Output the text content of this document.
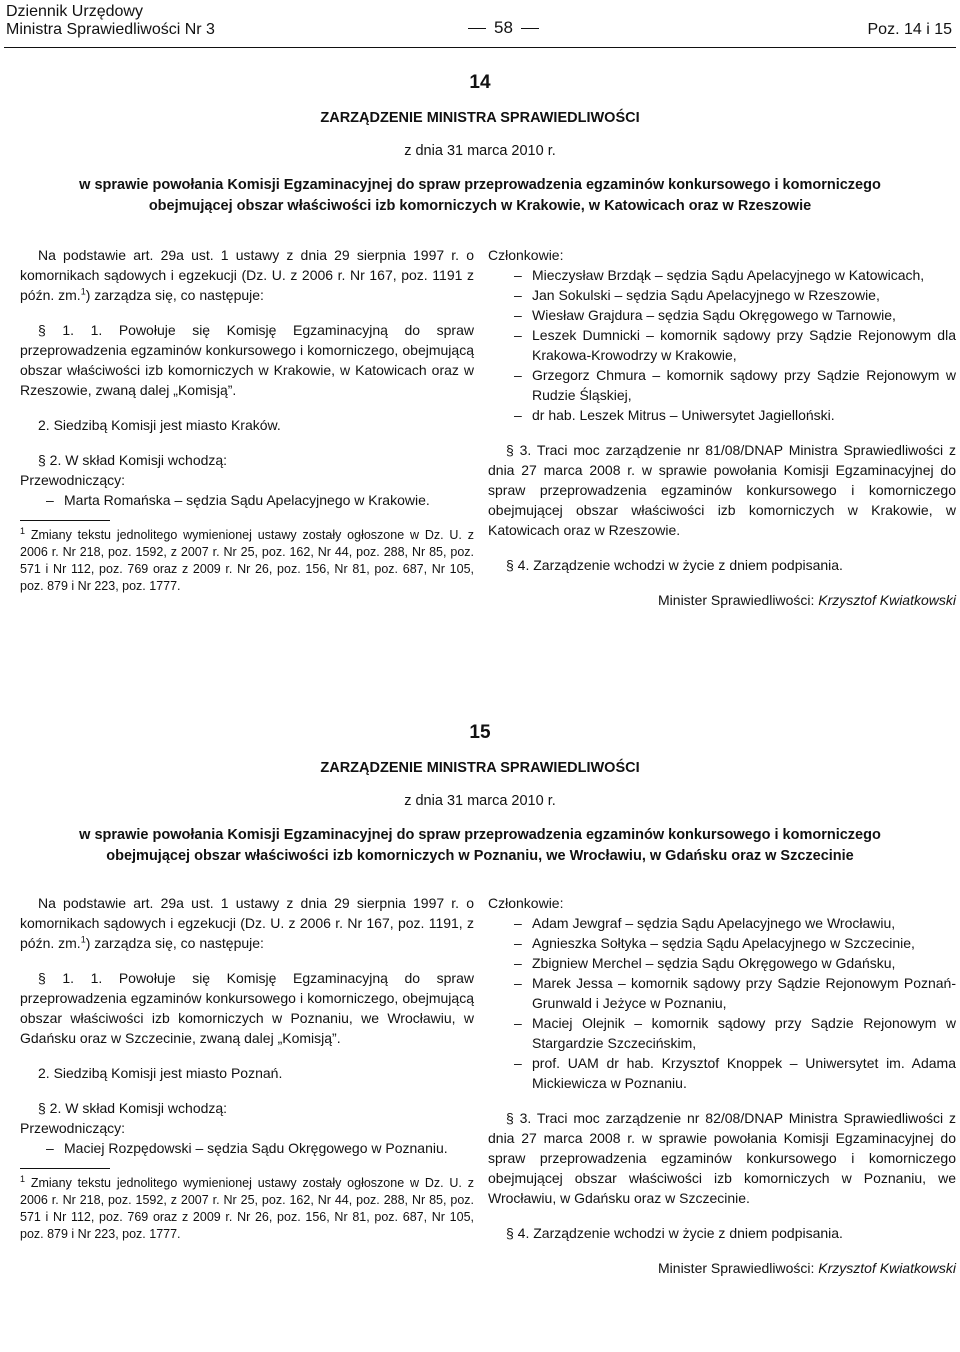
Dziennik Urzędowy
Ministra Sprawiedliwości Nr 3	58	Poz. 14 i 15
14
ZARZĄDZENIE MINISTRA SPRAWIEDLIWOŚCI
z dnia 31 marca 2010 r.
w sprawie powołania Komisji Egzaminacyjnej do spraw przeprowadzenia egzaminów konkursowego i komorniczego obejmującej obszar właściwości izb komorniczych w Krakowie, w Katowicach oraz w Rzeszowie

Na podstawie art. 29a ust. 1 ustawy z dnia 29 sierpnia 1997 r. o komornikach sądowych i egzekucji (Dz. U. z 2006 r. Nr 167, poz. 1191 z późn. zm.$^1$) zarządza się, co następuje:

§ 1. 1. Powołuje się Komisję Egzaminacyjną do spraw przeprowadzenia egzaminów konkursowego i komorniczego, obejmującą obszar właściwości izb komorniczych w Krakowie, w Katowicach oraz w Rzeszowie, zwaną dalej „Komisją”.

2. Siedzibą Komisji jest miasto Kraków.

§ 2. W skład Komisji wchodzą:

Przewodniczący:

– Marta Romańska – sędzia Sądu Apelacyjnego w Krakowie.

$^1$ Zmiany tekstu jednolitego wymienionej ustawy zostały ogłoszone w Dz. U. z 2006 r. Nr 218, poz. 1592, z 2007 r. Nr 25, poz. 162, Nr 44, poz. 288, Nr 85, poz. 571 i Nr 112, poz. 769 oraz z 2009 r. Nr 26, poz. 156, Nr 81, poz. 687, Nr 105, poz. 879 i Nr 223, poz. 1777.

Członkowie:

– Mieczysław Brzdąk – sędzia Sądu Apelacyjnego w Katowicach,
– Jan Sokulski – sędzia Sądu Apelacyjnego w Rzeszowie,
– Wiesław Grajdura – sędzia Sądu Okręgowego w Tarnowie,
– Leszek Dumnicki – komornik sądowy przy Sądzie Rejonowym dla Krakowa-Krowodrzy w Krakowie,
– Grzegorz Chmura – komornik sądowy przy Sądzie Rejonowym w Rudzie Śląskiej,
– dr hab. Leszek Mitrus – Uniwersytet Jagielloński.

§ 3. Traci moc zarządzenie nr 81/08/DNAP Ministra Sprawiedliwości z dnia 27 marca 2008 r. w sprawie powołania Komisji Egzaminacyjnej do spraw przeprowadzenia egzaminów konkursowego i komorniczego obejmującej obszar właściwości izb komorniczych w Krakowie, w Katowicach oraz w Rzeszowie.

§ 4. Zarządzenie wchodzi w życie z dniem podpisania.

Minister Sprawiedliwości: Krzysztof Kwiatkowski

15
ZARZĄDZENIE MINISTRA SPRAWIEDLIWOŚCI
z dnia 31 marca 2010 r.
w sprawie powołania Komisji Egzaminacyjnej do spraw przeprowadzenia egzaminów konkursowego i komorniczego obejmującej obszar właściwości izb komorniczych w Poznaniu, we Wrocławiu, w Gdańsku oraz w Szczecinie

Na podstawie art. 29a ust. 1 ustawy z dnia 29 sierpnia 1997 r. o komornikach sądowych i egzekucji (Dz. U. z 2006 r. Nr 167, poz. 1191, z późn. zm.$^1$) zarządza się, co następuje:

§ 1. 1. Powołuje się Komisję Egzaminacyjną do spraw przeprowadzenia egzaminów konkursowego i komorniczego, obejmującą obszar właściwości izb komorniczych w Poznaniu, we Wrocławiu, w Gdańsku oraz w Szczecinie, zwaną dalej „Komisją”.

2. Siedzibą Komisji jest miasto Poznań.

§ 2. W skład Komisji wchodzą:

Przewodniczący:

– Maciej Rozpędowski – sędzia Sądu Okręgowego w Poznaniu.

$^1$ Zmiany tekstu jednolitego wymienionej ustawy zostały ogłoszone w Dz. U. z 2006 r. Nr 218, poz. 1592, z 2007 r. Nr 25, poz. 162, Nr 44, poz. 288, Nr 85, poz. 571 i Nr 112, poz. 769 oraz z 2009 r. Nr 26, poz. 156, Nr 81, poz. 687, Nr 105, poz. 879 i Nr 223, poz. 1777.

Członkowie:

– Adam Jewgraf – sędzia Sądu Apelacyjnego we Wrocławiu,
– Agnieszka Sołtyka – sędzia Sądu Apelacyjnego w Szczecinie,
– Zbigniew Merchel – sędzia Sądu Okręgowego w Gdańsku,
– Marek Jessa – komornik sądowy przy Sądzie Rejonowym Poznań-Grunwald i Jeżyce w Poznaniu,
– Maciej Olejnik – komornik sądowy przy Sądzie Rejonowym w Stargardzie Szczecińskim,
– prof. UAM dr hab. Krzysztof Knoppek – Uniwersytet im. Adama Mickiewicza w Poznaniu.

§ 3. Traci moc zarządzenie nr 82/08/DNAP Ministra Sprawiedliwości z dnia 27 marca 2008 r. w sprawie powołania Komisji Egzaminacyjnej do spraw przeprowadzenia egzaminów konkursowego i komorniczego obejmującej obszar właściwości izb komorniczych w Poznaniu, we Wrocławiu, w Gdańsku oraz w Szczecinie.

§ 4. Zarządzenie wchodzi w życie z dniem podpisania.

Minister Sprawiedliwości: Krzysztof Kwiatkowski
